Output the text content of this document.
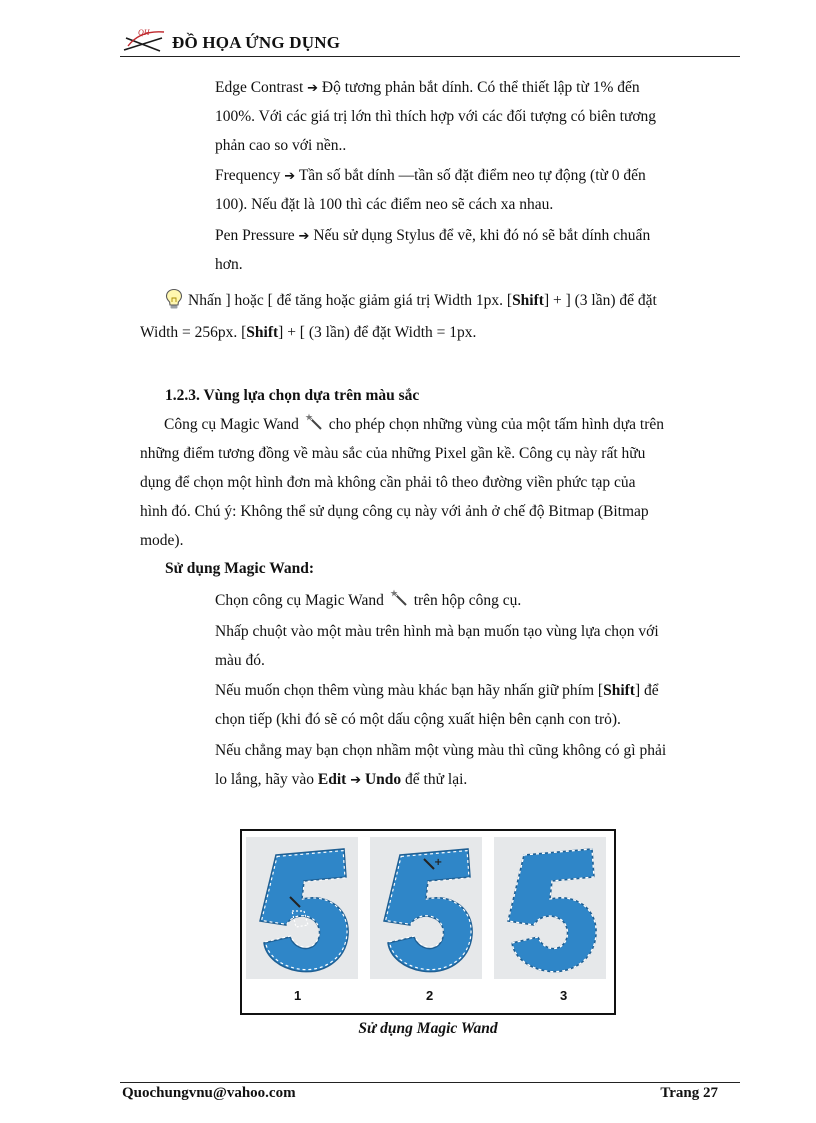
QH
ĐỒ HỌA ỨNG DỤNG

Edge Contrast ➔ Độ tương phản bắt dính. Có thể thiết lập từ 1% đến

100%. Với các giá trị lớn thì thích hợp với các đối tượng có biên tương

phản cao so với nền..

Frequency ➔ Tần số bắt dính —tần số đặt điểm neo tự động (từ 0 đến

100). Nếu đặt là 100 thì các điểm neo sẽ cách xa nhau.

Pen Pressure ➔ Nếu sử dụng Stylus để vẽ, khi đó nó sẽ bắt dính chuẩn

hơn.

Nhấn ] hoặc [ để tăng hoặc giảm giá trị Width 1px. [Shift] + ] (3 lần) để đặt

Width = 256px. [Shift] + [ (3 lần) để đặt Width = 1px.

1.2.3. Vùng lựa chọn dựa trên màu sắc

Công cụ Magic Wand cho phép chọn những vùng của một tấm hình dựa trên

những điểm tương đồng về màu sắc của những Pixel gần kề. Công cụ này rất hữu

dụng để chọn một hình đơn mà không cần phải tô theo đường viền phức tạp của

hình đó. Chú ý: Không thể sử dụng công cụ này với ảnh ở chế độ Bitmap (Bitmap

mode).

Sử dụng Magic Wand:

Chọn công cụ Magic Wand trên hộp công cụ.

Nhấp chuột vào một màu trên hình mà bạn muốn tạo vùng lựa chọn với

màu đó.

Nếu muốn chọn thêm vùng màu khác bạn hãy nhấn giữ phím [Shift] để

chọn tiếp (khi đó sẽ có một dấu cộng xuất hiện bên cạnh con trỏ).

Nếu chẳng may bạn chọn nhầm một vùng màu thì cũng không có gì phải

lo lắng, hãy vào Edit ➔ Undo để thử lại.

+
1	2	3
Sử dụng Magic Wand
Quochungvnu@vahoo.com	Trang 27
